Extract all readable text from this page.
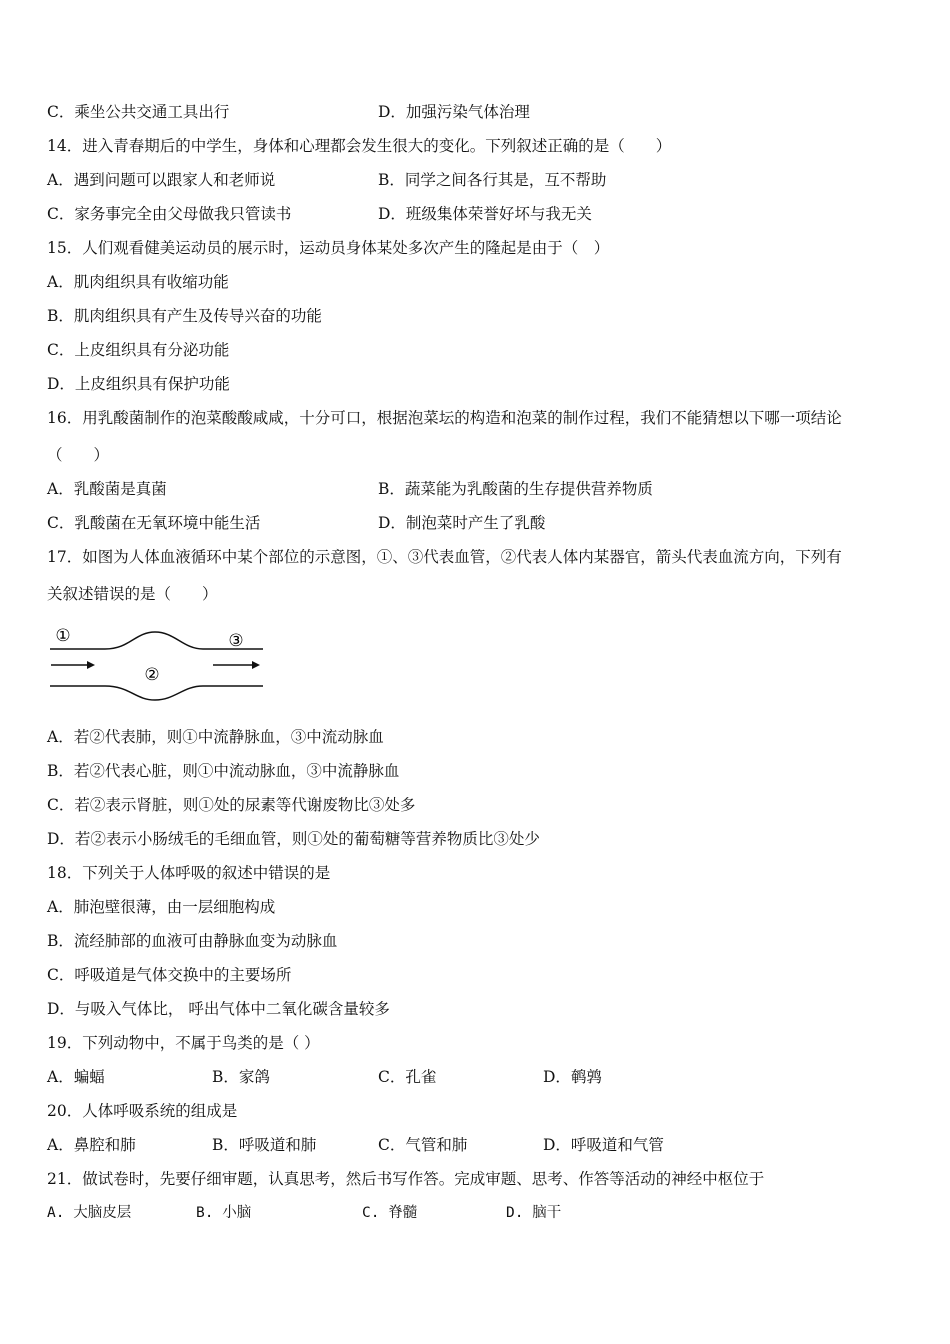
C．乘坐公共交通工具出行	D．加强污染气体治理
14．进入青春期后的中学生，身体和心理都会发生很大的变化。下列叙述正确的是（　　）
A．遇到问题可以跟家人和老师说	B．同学之间各行其是，互不帮助
C．家务事完全由父母做我只管读书	D．班级集体荣誉好坏与我无关
15．人们观看健美运动员的展示时，运动员身体某处多次产生的隆起是由于（　）
A．肌肉组织具有收缩功能
B．肌肉组织具有产生及传导兴奋的功能
C．上皮组织具有分泌功能
D．上皮组织具有保护功能
16．用乳酸菌制作的泡菜酸酸咸咸，十分可口，根据泡菜坛的构造和泡菜的制作过程，我们不能猜想以下哪一项结论
（　　）
A．乳酸菌是真菌	B．蔬菜能为乳酸菌的生存提供营养物质
C．乳酸菌在无氧环境中能生活	D．制泡菜时产生了乳酸
17．如图为人体血液循环中某个部位的示意图，①、③代表血管，②代表人体内某器官，箭头代表血流方向，下列有
关叙述错误的是（　　）
①
②
③
A．若②代表肺，则①中流静脉血，③中流动脉血
B．若②代表心脏，则①中流动脉血，③中流静脉血
C．若②表示肾脏，则①处的尿素等代谢废物比③处多
D．若②表示小肠绒毛的毛细血管，则①处的葡萄糖等营养物质比③处少
18．下列关于人体呼吸的叙述中错误的是
A．肺泡壁很薄，由一层细胞构成
B．流经肺部的血液可由静脉血变为动脉血
C．呼吸道是气体交换中的主要场所
D．与吸入气体比， 呼出气体中二氧化碳含量较多
19．下列动物中，不属于鸟类的是（ ）
A．蝙蝠	B．家鸽	C．孔雀	D．鹌鹑
20．人体呼吸系统的组成是
A．鼻腔和肺	B．呼吸道和肺	C．气管和肺	D．呼吸道和气管
21．做试卷时，先要仔细审题，认真思考，然后书写作答。完成审题、思考、作答等活动的神经中枢位于
A. 大脑皮层	B. 小脑	C. 脊髓	D. 脑干
